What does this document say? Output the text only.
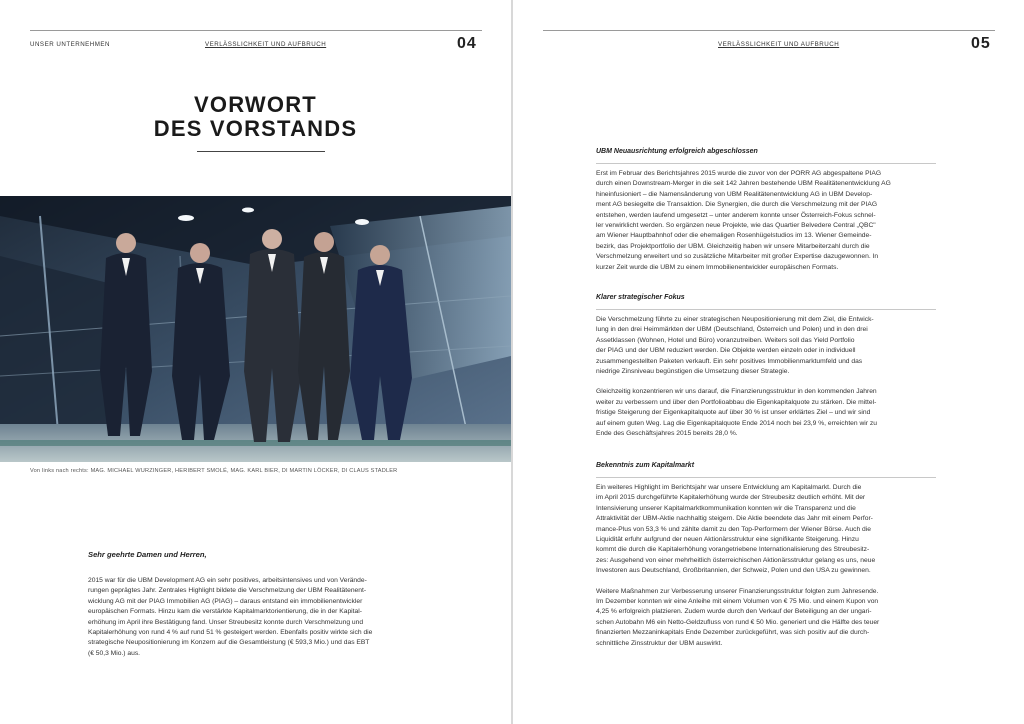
UNSER UNTERNEHMEN	VERLÄSSLICHKEIT UND AUFBRUCH	04
VORWORT
DES VORSTANDS
Von links nach rechts: MAG. MICHAEL WURZINGER, HERIBERT SMOLÉ, MAG. KARL BIER, DI MARTIN LÖCKER, DI CLAUS STADLER
Sehr geehrte Damen und Herren,
2015 war für die UBM Development AG ein sehr positives, arbeitsintensives und von Verände-
rungen geprägtes Jahr. Zentrales Highlight bildete die Verschmelzung der UBM Realitätenent-
wicklung AG mit der PIAG Immobilien AG (PIAG) – daraus entstand ein immobilienentwickler
europäischen Formats. Hinzu kam die verstärkte Kapitalmarktorientierung, die in der Kapital-
erhöhung im April ihre Bestätigung fand. Unser Streubesitz konnte durch Verschmelzung und
Kapitalerhöhung von rund 4 % auf rund 51 % gesteigert werden. Ebenfalls positiv wirkte sich die
strategische Neupositionierung im Konzern auf die Gesamtleistung (€ 593,3 Mio.) und das EBT
(€ 50,3 Mio.) aus.
VERLÄSSLICHKEIT UND AUFBRUCH	05
UBM Neuausrichtung erfolgreich abgeschlossen
Erst im Februar des Berichtsjahres 2015 wurde die zuvor von der PORR AG abgespaltene PIAG
durch einen Downstream-Merger in die seit 142 Jahren bestehende UBM Realitätenentwicklung AG
hineinfusioniert – die Namensänderung von UBM Realitätenentwicklung AG in UBM Develop-
ment AG besiegelte die Transaktion. Die Synergien, die durch die Verschmelzung mit der PIAG
entstehen, werden laufend umgesetzt – unter anderem konnte unser Österreich-Fokus schnel-
ler verwirklicht werden. So ergänzen neue Projekte, wie das Quartier Belvedere Central „QBC"
am Wiener Hauptbahnhof oder die ehemaligen Rosenhügelstudios im 13. Wiener Gemeinde-
bezirk, das Projektportfolio der UBM. Gleichzeitig haben wir unsere Mitarbeiterzahl durch die
Verschmelzung erweitert und so zusätzliche Mitarbeiter mit großer Expertise dazugewonnen. In
kurzer Zeit wurde die UBM zu einem Immobilienentwickler europäischen Formats.
Klarer strategischer Fokus
Die Verschmelzung führte zu einer strategischen Neupositionierung mit dem Ziel, die Entwick-
lung in den drei Heimmärkten der UBM (Deutschland, Österreich und Polen) und in den drei
Assetklassen (Wohnen, Hotel und Büro) voranzutreiben. Weiters soll das Yield Portfolio
der PIAG und der UBM reduziert werden. Die Objekte werden einzeln oder in individuell
zusammengestellten Paketen verkauft. Ein sehr positives Immobilienmarktumfeld und das
niedrige Zinsniveau begünstigen die Umsetzung dieser Strategie.
Gleichzeitig konzentrieren wir uns darauf, die Finanzierungsstruktur in den kommenden Jahren
weiter zu verbessern und über den Portfolioabbau die Eigenkapitalquote zu stärken. Die mittel-
fristige Steigerung der Eigenkapitalquote auf über 30 % ist unser erklärtes Ziel – und wir sind
auf einem guten Weg. Lag die Eigenkapitalquote Ende 2014 noch bei 23,9 %, erreichten wir zu
Ende des Geschäftsjahres 2015 bereits 28,0 %.
Bekenntnis zum Kapitalmarkt
Ein weiteres Highlight im Berichtsjahr war unsere Entwicklung am Kapitalmarkt. Durch die
im April 2015 durchgeführte Kapitalerhöhung wurde der Streubesitz deutlich erhöht. Mit der
Intensivierung unserer Kapitalmarktkommunikation konnten wir die Transparenz und die
Attraktivität der UBM-Aktie nachhaltig steigern. Die Aktie beendete das Jahr mit einem Perfor-
mance-Plus von 53,3 % und zählte damit zu den Top-Performern der Wiener Börse. Auch die
Liquidität erfuhr aufgrund der neuen Aktionärsstruktur eine signifikante Steigerung. Hinzu
kommt die durch die Kapitalerhöhung vorangetriebene Internationalisierung des Streubesitz-
zes: Ausgehend von einer mehrheitlich österreichischen Aktionärsstruktur gelang es uns, neue
Investoren aus Deutschland, Großbritannien, der Schweiz, Polen und den USA zu gewinnen.
Weitere Maßnahmen zur Verbesserung unserer Finanzierungsstruktur folgten zum Jahresende.
Im Dezember konnten wir eine Anleihe mit einem Volumen von € 75 Mio. und einem Kupon von
4,25 % erfolgreich platzieren. Zudem wurde durch den Verkauf der Beteiligung an der ungari-
schen Autobahn M6 ein Netto-Geldzufluss von rund € 50 Mio. generiert und die Hälfte des teuer
finanzierten Mezzaninkapitals Ende Dezember zurückgeführt, was sich positiv auf die durch-
schnittliche Zinsstruktur der UBM auswirkt.
